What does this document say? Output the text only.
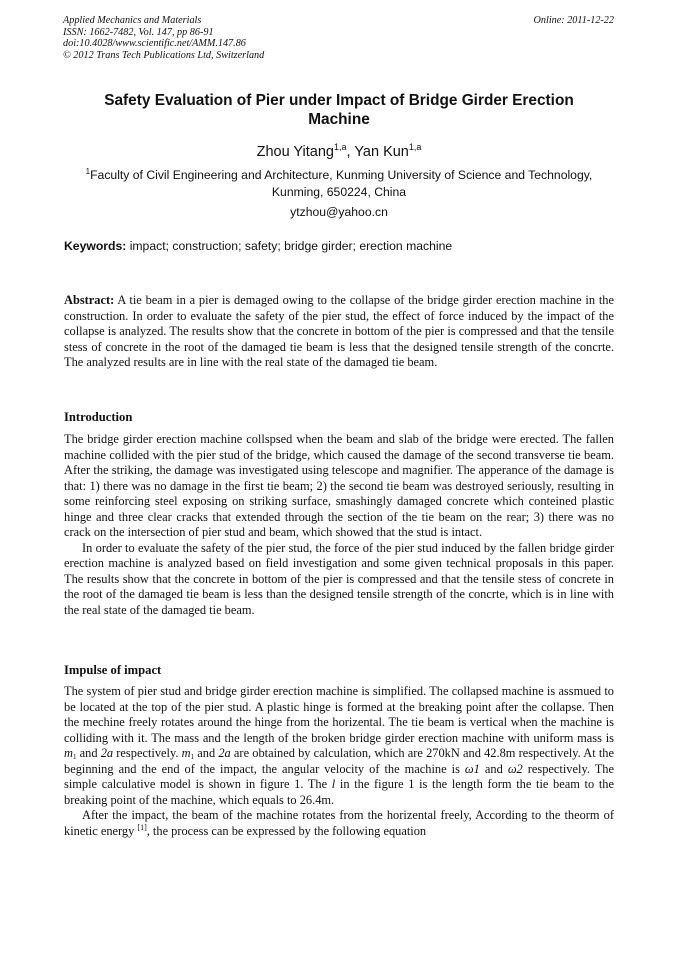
Applied Mechanics and Materials
ISSN: 1662-7482, Vol. 147, pp 86-91
doi:10.4028/www.scientific.net/AMM.147.86
© 2012 Trans Tech Publications Ltd, Switzerland
Online: 2011-12-22
Safety Evaluation of Pier under Impact of Bridge Girder Erection
Machine
Zhou Yitang$^{1,a}$, Yan Kun$^{1,a}$
$^1$Faculty of Civil Engineering and Architecture, Kunming University of Science and Technology,
Kunming, 650224, China
ytzhou@yahoo.cn
Keywords: impact; construction; safety; bridge girder; erection machine
Abstract: A tie beam in a pier is demaged owing to the collapse of the bridge girder erection machine in the construction. In order to evaluate the safety of the pier stud, the effect of force induced by the impact of the collapse is analyzed. The results show that the concrete in bottom of the pier is compressed and that the tensile stess of concrete in the root of the damaged tie beam is less that the designed tensile strength of the concrte. The analyzed results are in line with the real state of the damaged tie beam.
Introduction
The bridge girder erection machine collspsed when the beam and slab of the bridge were erected. The fallen machine collided with the pier stud of the bridge, which caused the damage of the second transverse tie beam. After the striking, the damage was investigated using telescope and magnifier. The apperance of the damage is that: 1) there was no damage in the first tie beam; 2) the second tie beam was destroyed seriously, resulting in some reinforcing steel exposing on striking surface, smashingly damaged concrete which conteined plastic hinge and three clear cracks that extended through the section of the tie beam on the rear; 3) there was no crack on the intersection of pier stud and beam, which showed that the stud is intact.
In order to evaluate the safety of the pier stud, the force of the pier stud induced by the fallen bridge girder erection machine is analyzed based on field investigation and some given technical proposals in this paper. The results show that the concrete in bottom of the pier is compressed and that the tensile stess of concrete in the root of the damaged tie beam is less than the designed tensile strength of the concrte, which is in line with the real state of the damaged tie beam.
Impulse of impact
The system of pier stud and bridge girder erection machine is simplified. The collapsed machine is assmued to be located at the top of the pier stud. A plastic hinge is formed at the breaking point after the collapse. Then the mechine freely rotates around the hinge from the horizental. The tie beam is vertical when the machine is colliding with it. The mass and the length of the broken bridge girder erection machine with uniform mass is $m_1$ and 2a respectively. $m_1$ and 2a are obtained by calculation, which are 270kN and 42.8m respectively. At the beginning and the end of the impact, the angular velocity of the machine is ω1 and ω2 respectively. The simple calculative model is shown in figure 1. The l in the figure 1 is the length form the tie beam to the breaking point of the machine, which equals to 26.4m.
After the impact, the beam of the machine rotates from the horizental freely, According to the theorm of kinetic energy [1], the process can be expressed by the following equation
